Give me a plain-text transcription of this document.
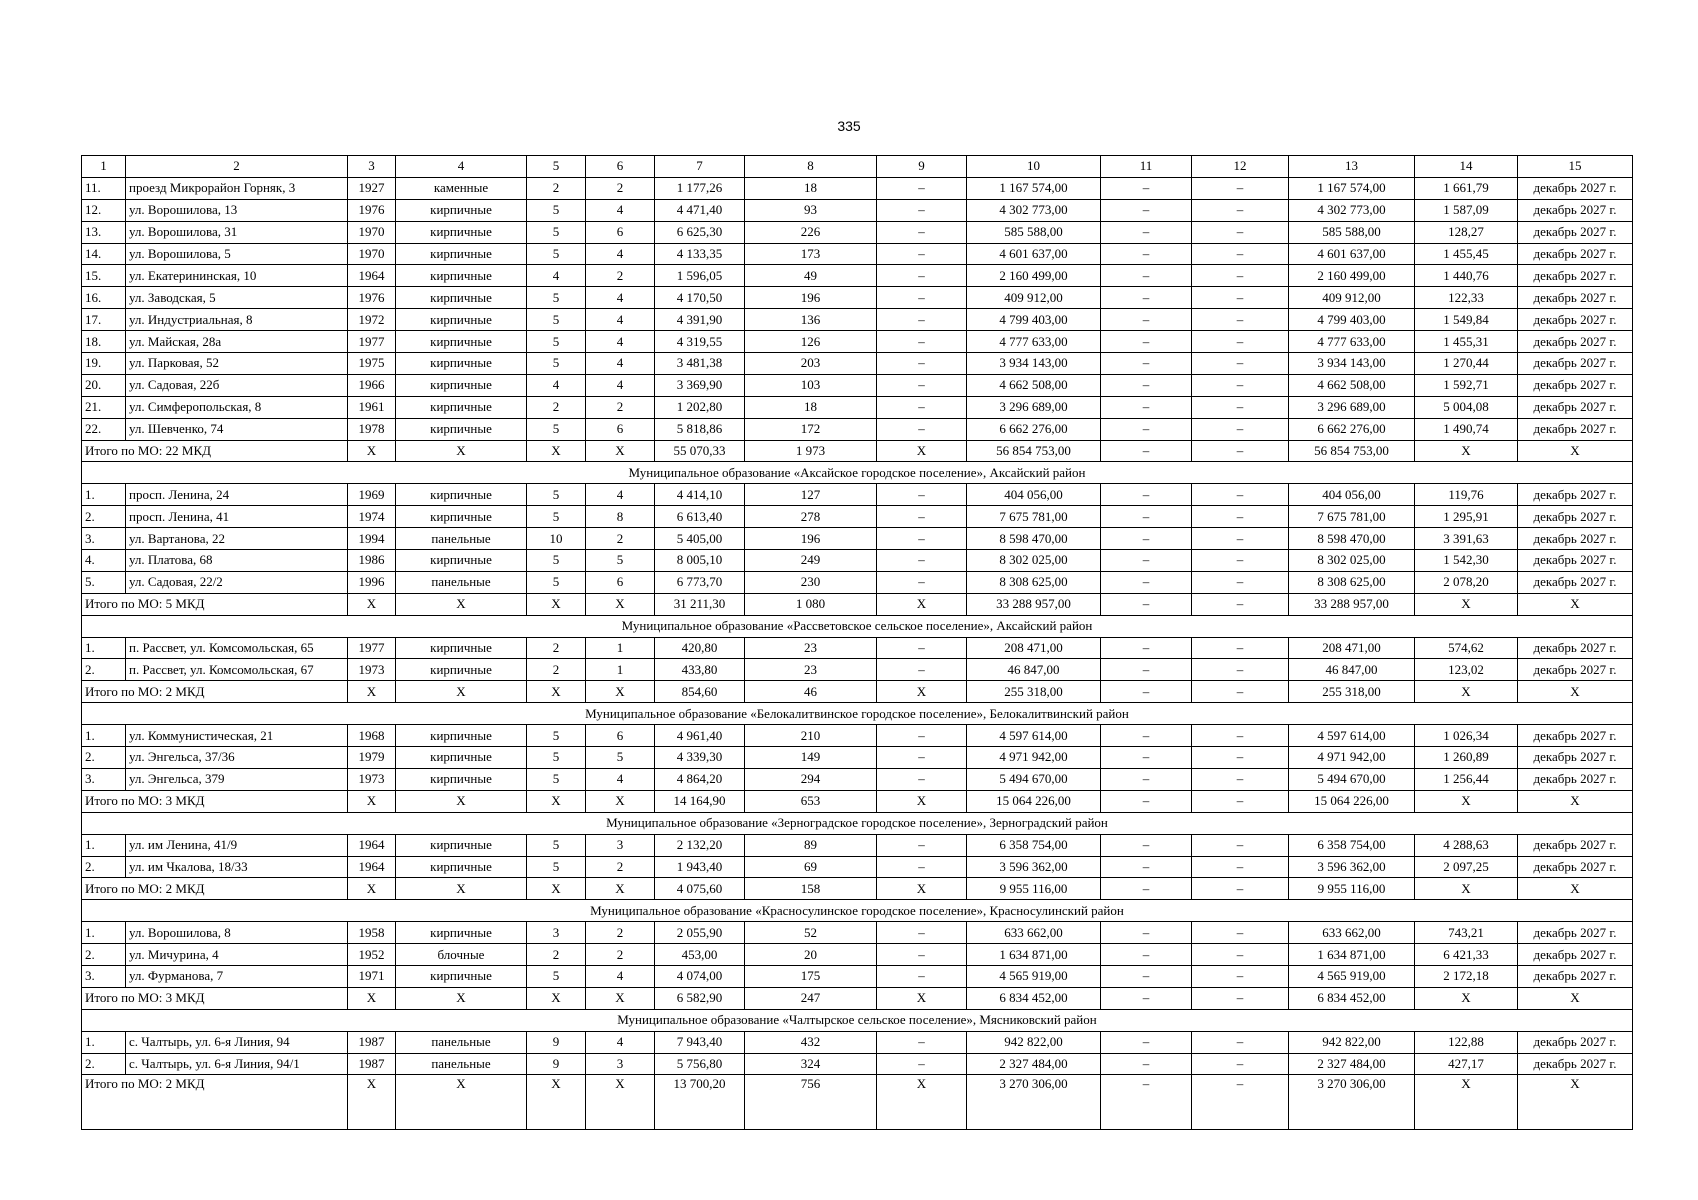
335
1	2	3	4	5	6	7	8	9	10	11	12	13	14	15
11.	проезд Микрорайон Горняк, 3	1927	каменные	2	2	1 177,26	18	–	1 167 574,00	–	–	1 167 574,00	1 661,79	декабрь 2027 г.
12.	ул. Ворошилова, 13	1976	кирпичные	5	4	4 471,40	93	–	4 302 773,00	–	–	4 302 773,00	1 587,09	декабрь 2027 г.
13.	ул. Ворошилова, 31	1970	кирпичные	5	6	6 625,30	226	–	585 588,00	–	–	585 588,00	128,27	декабрь 2027 г.
14.	ул. Ворошилова, 5	1970	кирпичные	5	4	4 133,35	173	–	4 601 637,00	–	–	4 601 637,00	1 455,45	декабрь 2027 г.
15.	ул. Екатерининская, 10	1964	кирпичные	4	2	1 596,05	49	–	2 160 499,00	–	–	2 160 499,00	1 440,76	декабрь 2027 г.
16.	ул. Заводская, 5	1976	кирпичные	5	4	4 170,50	196	–	409 912,00	–	–	409 912,00	122,33	декабрь 2027 г.
17.	ул. Индустриальная, 8	1972	кирпичные	5	4	4 391,90	136	–	4 799 403,00	–	–	4 799 403,00	1 549,84	декабрь 2027 г.
18.	ул. Майская, 28а	1977	кирпичные	5	4	4 319,55	126	–	4 777 633,00	–	–	4 777 633,00	1 455,31	декабрь 2027 г.
19.	ул. Парковая, 52	1975	кирпичные	5	4	3 481,38	203	–	3 934 143,00	–	–	3 934 143,00	1 270,44	декабрь 2027 г.
20.	ул. Садовая, 22б	1966	кирпичные	4	4	3 369,90	103	–	4 662 508,00	–	–	4 662 508,00	1 592,71	декабрь 2027 г.
21.	ул. Симферопольская, 8	1961	кирпичные	2	2	1 202,80	18	–	3 296 689,00	–	–	3 296 689,00	5 004,08	декабрь 2027 г.
22.	ул. Шевченко, 74	1978	кирпичные	5	6	5 818,86	172	–	6 662 276,00	–	–	6 662 276,00	1 490,74	декабрь 2027 г.
Итого по МО: 22 МКД		X	X	X	X	55 070,33	1 973	X	56 854 753,00	–	–	56 854 753,00	X	X
Муниципальное образование «Аксайское городское поселение», Аксайский район														
1.	просп. Ленина, 24	1969	кирпичные	5	4	4 414,10	127	–	404 056,00	–	–	404 056,00	119,76	декабрь 2027 г.
2.	просп. Ленина, 41	1974	кирпичные	5	8	6 613,40	278	–	7 675 781,00	–	–	7 675 781,00	1 295,91	декабрь 2027 г.
3.	ул. Вартанова, 22	1994	панельные	10	2	5 405,00	196	–	8 598 470,00	–	–	8 598 470,00	3 391,63	декабрь 2027 г.
4.	ул. Платова, 68	1986	кирпичные	5	5	8 005,10	249	–	8 302 025,00	–	–	8 302 025,00	1 542,30	декабрь 2027 г.
5.	ул. Садовая, 22/2	1996	панельные	5	6	6 773,70	230	–	8 308 625,00	–	–	8 308 625,00	2 078,20	декабрь 2027 г.
Итого по МО: 5 МКД		X	X	X	X	31 211,30	1 080	X	33 288 957,00	–	–	33 288 957,00	X	X
Муниципальное образование «Рассветовское сельское поселение», Аксайский район														
1.	п. Рассвет, ул. Комсомольская, 65	1977	кирпичные	2	1	420,80	23	–	208 471,00	–	–	208 471,00	574,62	декабрь 2027 г.
2.	п. Рассвет, ул. Комсомольская, 67	1973	кирпичные	2	1	433,80	23	–	46 847,00	–	–	46 847,00	123,02	декабрь 2027 г.
Итого по МО: 2 МКД		X	X	X	X	854,60	46	X	255 318,00	–	–	255 318,00	X	X
Муниципальное образование «Белокалитвинское городское поселение», Белокалитвинский район														
1.	ул. Коммунистическая, 21	1968	кирпичные	5	6	4 961,40	210	–	4 597 614,00	–	–	4 597 614,00	1 026,34	декабрь 2027 г.
2.	ул. Энгельса, 37/36	1979	кирпичные	5	5	4 339,30	149	–	4 971 942,00	–	–	4 971 942,00	1 260,89	декабрь 2027 г.
3.	ул. Энгельса, 379	1973	кирпичные	5	4	4 864,20	294	–	5 494 670,00	–	–	5 494 670,00	1 256,44	декабрь 2027 г.
Итого по МО: 3 МКД		X	X	X	X	14 164,90	653	X	15 064 226,00	–	–	15 064 226,00	X	X
Муниципальное образование «Зерноградское городское поселение», Зерноградский район														
1.	ул. им Ленина, 41/9	1964	кирпичные	5	3	2 132,20	89	–	6 358 754,00	–	–	6 358 754,00	4 288,63	декабрь 2027 г.
2.	ул. им Чкалова, 18/33	1964	кирпичные	5	2	1 943,40	69	–	3 596 362,00	–	–	3 596 362,00	2 097,25	декабрь 2027 г.
Итого по МО: 2 МКД		X	X	X	X	4 075,60	158	X	9 955 116,00	–	–	9 955 116,00	X	X
Муниципальное образование «Красносулинское городское поселение», Красносулинский район														
1.	ул. Ворошилова, 8	1958	кирпичные	3	2	2 055,90	52	–	633 662,00	–	–	633 662,00	743,21	декабрь 2027 г.
2.	ул. Мичурина, 4	1952	блочные	2	2	453,00	20	–	1 634 871,00	–	–	1 634 871,00	6 421,33	декабрь 2027 г.
3.	ул. Фурманова, 7	1971	кирпичные	5	4	4 074,00	175	–	4 565 919,00	–	–	4 565 919,00	2 172,18	декабрь 2027 г.
Итого по МО: 3 МКД		X	X	X	X	6 582,90	247	X	6 834 452,00	–	–	6 834 452,00	X	X
Муниципальное образование «Чалтырское сельское поселение», Мясниковский район														
1.	с. Чалтырь, ул. 6-я Линия, 94	1987	панельные	9	4	7 943,40	432	–	942 822,00	–	–	942 822,00	122,88	декабрь 2027 г.
2.	с. Чалтырь, ул. 6-я Линия, 94/1	1987	панельные	9	3	5 756,80	324	–	2 327 484,00	–	–	2 327 484,00	427,17	декабрь 2027 г.
Итого по МО: 2 МКД		X	X	X	X	13 700,20	756	X	3 270 306,00	–	–	3 270 306,00	X	X
